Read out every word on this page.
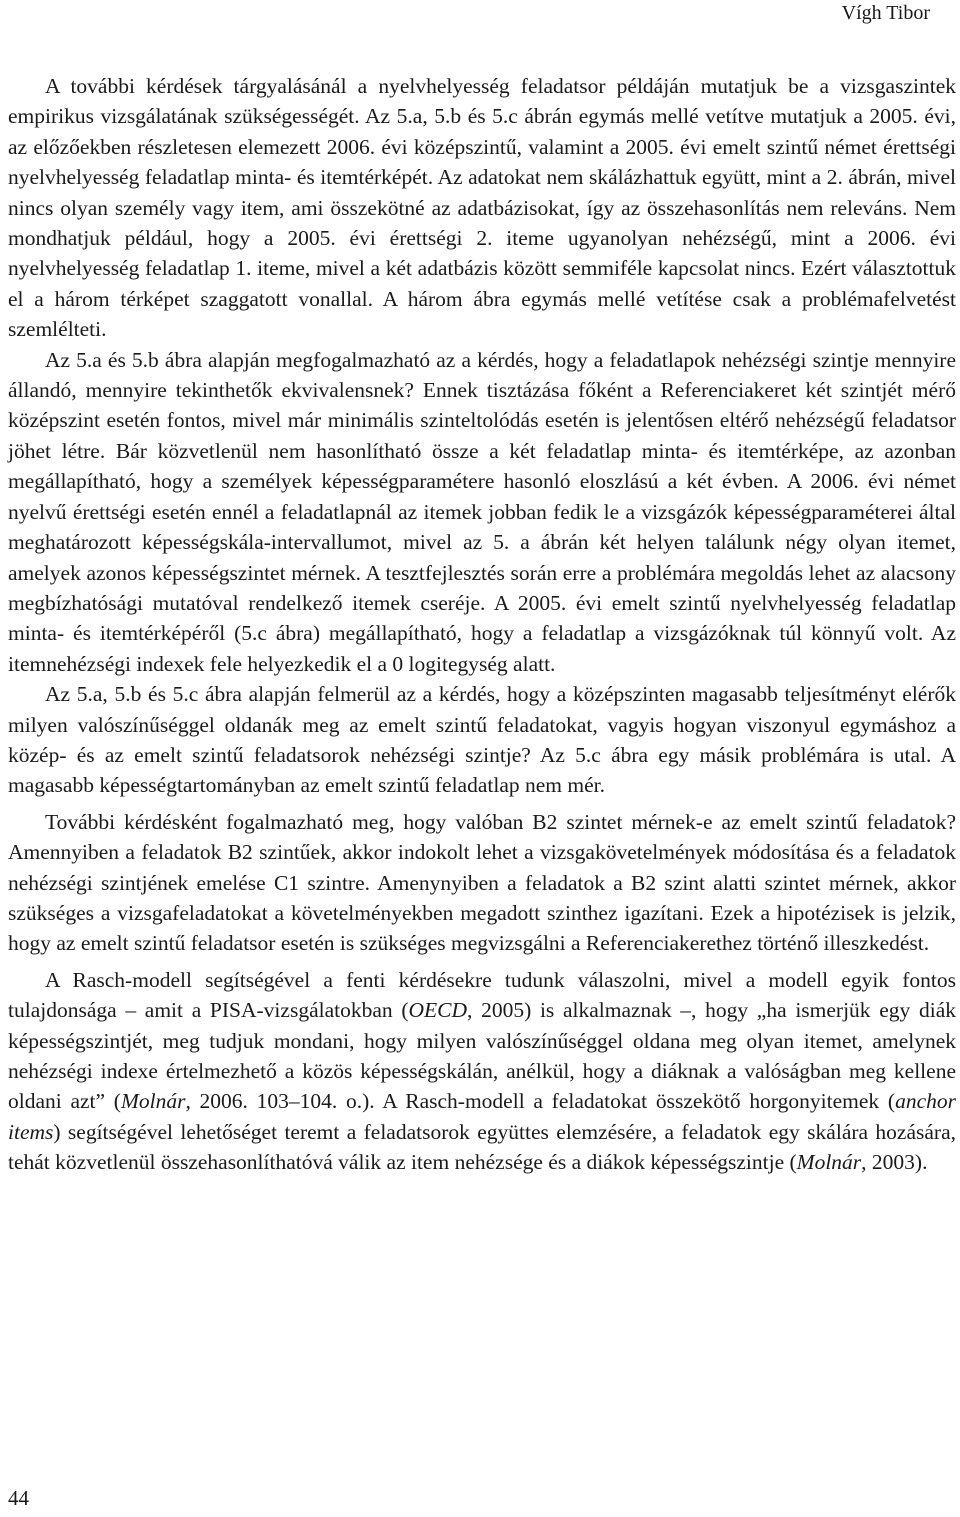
Vígh Tibor

A további kérdések tárgyalásánál a nyelvhelyesség feladatsor példáján mutatjuk be a vizsgaszintek empirikus vizsgálatának szükségességét. Az 5.a, 5.b és 5.c ábrán egymás mellé vetítve mutatjuk a 2005. évi, az előzőekben részletesen elemezett 2006. évi középszintű, valamint a 2005. évi emelt szintű német érettségi nyelvhelyesség feladatlap minta- és itemtérképét. Az adatokat nem skálázhattuk együtt, mint a 2. ábrán, mivel nincs olyan személy vagy item, ami összekötné az adatbázisokat, így az összehasonlítás nem releváns. Nem mondhatjuk például, hogy a 2005. évi érettségi 2. iteme ugyanolyan nehézségű, mint a 2006. évi nyelvhelyesség feladatlap 1. iteme, mivel a két adatbázis között semmiféle kapcsolat nincs. Ezért választottuk el a három térképet szaggatott vonallal. A három ábra egymás mellé vetítése csak a problémafelvetést szemlélteti.

Az 5.a és 5.b ábra alapján megfogalmazható az a kérdés, hogy a feladatlapok nehézségi szintje mennyire állandó, mennyire tekinthetők ekvivalensnek? Ennek tisztázása főként a Referenciakeret két szintjét mérő középszint esetén fontos, mivel már minimális szinteltolódás esetén is jelentősen eltérő nehézségű feladatsor jöhet létre. Bár közvetlenül nem hasonlítható össze a két feladatlap minta- és itemtérképe, az azonban megállapítható, hogy a személyek képességparamétere hasonló eloszlású a két évben. A 2006. évi német nyelvű érettségi esetén ennél a feladatlapnál az itemek jobban fedik le a vizsgázók képességparaméterei által meghatározott képességskála-intervallumot, mivel az 5. a ábrán két helyen találunk négy olyan itemet, amelyek azonos képességszintet mérnek. A tesztfejlesztés során erre a problémára megoldás lehet az alacsony megbízhatósági mutatóval rendelkező itemek cseréje. A 2005. évi emelt szintű nyelvhelyesség feladatlap minta- és itemtérképéről (5.c ábra) megállapítható, hogy a feladatlap a vizsgázóknak túl könnyű volt. Az itemnehézségi indexek fele helyezkedik el a 0 logitegység alatt.

Az 5.a, 5.b és 5.c ábra alapján felmerül az a kérdés, hogy a középszinten magasabb teljesítményt elérők milyen valószínűséggel oldanák meg az emelt szintű feladatokat, vagyis hogyan viszonyul egymáshoz a közép- és az emelt szintű feladatsorok nehézségi szintje? Az 5.c ábra egy másik problémára is utal. A magasabb képességtartományban az emelt szintű feladatlap nem mér.

További kérdésként fogalmazható meg, hogy valóban B2 szintet mérnek-e az emelt szintű feladatok? Amennyiben a feladatok B2 szintűek, akkor indokolt lehet a vizsgakövetelmények módosítása és a feladatok nehézségi szintjének emelése C1 szintre. Amenynyiben a feladatok a B2 szint alatti szintet mérnek, akkor szükséges a vizsgafeladatokat a követelményekben megadott szinthez igazítani. Ezek a hipotézisek is jelzik, hogy az emelt szintű feladatsor esetén is szükséges megvizsgálni a Referenciakerethez történő illeszkedést.

A Rasch-modell segítségével a fenti kérdésekre tudunk válaszolni, mivel a modell egyik fontos tulajdonsága – amit a PISA-vizsgálatokban (OECD, 2005) is alkalmaznak –, hogy „ha ismerjük egy diák képességszintjét, meg tudjuk mondani, hogy milyen valószínűséggel oldana meg olyan itemet, amelynek nehézségi indexe értelmezhető a közös képességskálán, anélkül, hogy a diáknak a valóságban meg kellene oldani azt” (Molnár, 2006. 103–104. o.). A Rasch-modell a feladatokat összekötő horgonyitemek (anchor items) segítségével lehetőséget teremt a feladatsorok együttes elemzésére, a feladatok egy skálára hozására, tehát közvetlenül összehasonlíthatóvá válik az item nehézsége és a diákok képességszintje (Molnár, 2003).

44
